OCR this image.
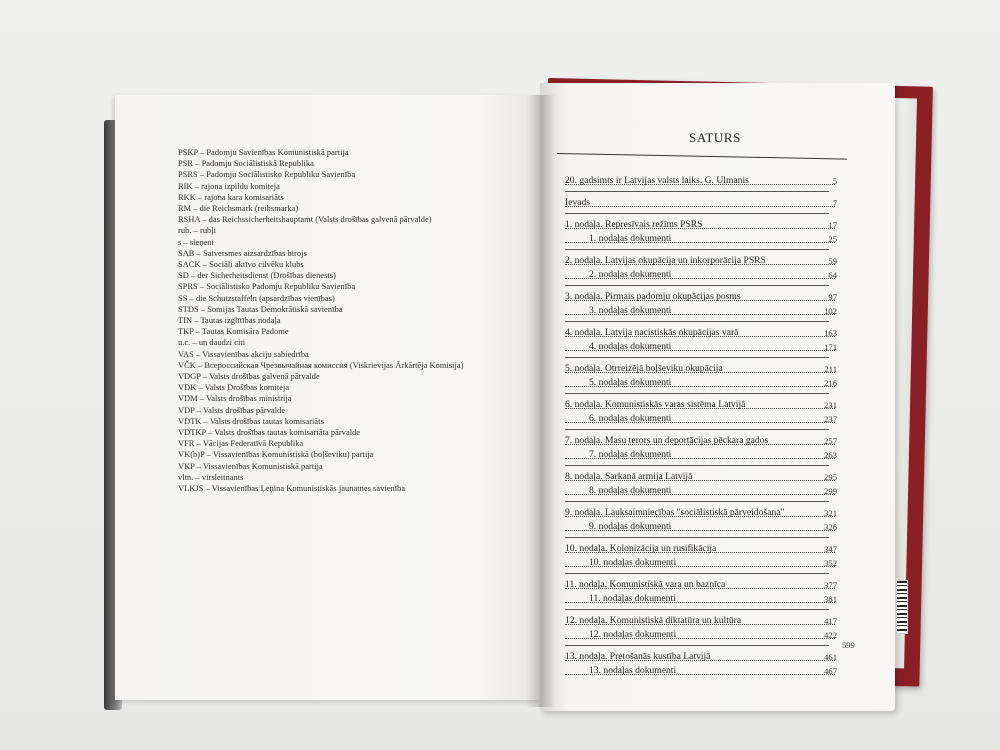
PSKP – Padomju Savienības Komunistiskā partija
PSR – Padomju Sociālistiskā Republika
PSRS – Padomju Sociālistisko Republiku Savienība
RIK – rajona izpildu komiteja
RKK – rajona kara komisariāts
RM – die Reichsmark (reihsmarka)
RSHA – das Reichssicherheitshauptamt (Valsts drošības galvenā pārvalde)
rub. – rubļi
s – sieņeni
SAB – Satversmes aizsardzības birojs
SACK – Sociāli aktīvo cilvēku klubs
SD – der Sicherheitsdienst (Drošības dienests)
SPRS – Sociālistisko Padomju Republiku Savienība
SS – die Schutzstaffeln (apsardzības vienības)
STDS – Somijas Tautas Demokrātiskā savienība
TIN – Tautas izglītības nodaļa
TKP – Tautas Komisāra Padome
u.c. – un daudzi citi
VAS – Vissavienības akciju sabiedrība
VČK – Всероссийская Чрезвычайная комиссия (Viskrievijas Ārkārtēja Komisija)
VDGP – Valsts drošības galvenā pārvalde
VDK – Valsts Drošības komiteja
VDM – Valsts drošības ministrija
VDP – Valsts drošības pārvalde
VDTK – Valsts drošības tautas komisariāts
VDTKP – Valsts drošības tautas komisariāta pārvalde
VFR – Vācijas Federatīvā Republika
VK(b)P – Vissavienības Komunistiskā (boļševiku) partija
VKP – Vissavienības Komunistiskā partija
vltn. – virsleitnants
VLKJS – Vissavienības Ļeņina Komunistiskās jaunatnes savienība
SATURS
20. gadsimts ir Latvijas valsts laiks. G. Ulmanis	5
Ievads	7
1. nodaļa. Represīvais režīms PSRS	17
1. nodaļas dokumenti	25
2. nodaļa. Latvijas okupācija un inkorporācija PSRS	59
2. nodaļas dokumenti	64
3. nodaļa. Pirmais padomju okupācijas posms	97
3. nodaļas dokumenti	102
4. nodaļa. Latvija nacistiskās okupācijas varā	163
4. nodaļas dokumenti	171
5. nodaļa. Otrreizējā boļševiku okupācija	211
5. nodaļas dokumenti	216
6. nodaļa. Komunistiskās varas sistēma Latvijā	231
6. nodaļas dokumenti	237
7. nodaļa. Masu terors un deportācijas pēckara gados	257
7. nodaļas dokumenti	263
8. nodaļa. Sarkanā armija Latvijā	295
8. nodaļas dokumenti	299
9. nodaļa. Lauksaimniecības "sociālistiskā pārveidošana"	321
9. nodaļas dokumenti	326
10. nodaļa. Kolonizācija un rusifikācija	347
10. nodaļas dokumenti	352
11. nodaļa. Komunistiskā vara un baznīca	377
11. nodaļas dokumenti	381
12. nodaļa. Komunistiskā diktatūra un kultūra	417
12. nodaļas dokumenti	422
13. nodaļa. Pretošanās kustība Latvijā	461
13. nodaļas dokumenti	467
599
